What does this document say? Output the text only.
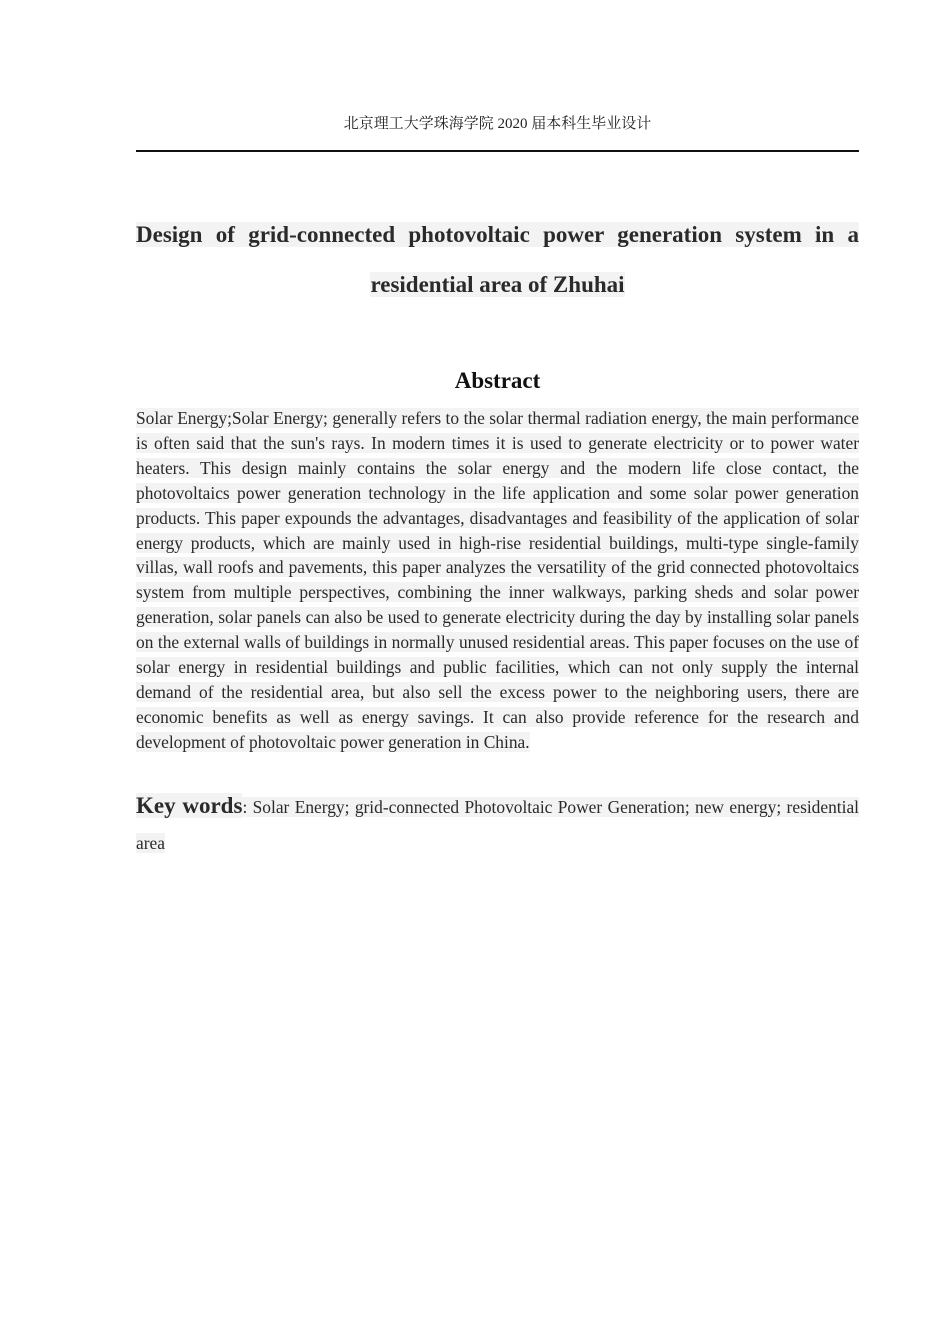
北京理工大学珠海学院 2020 届本科生毕业设计
Design of grid-connected photovoltaic power generation system in a
residential area of Zhuhai
Abstract

Solar Energy;Solar Energy; generally refers to the solar thermal radiation energy, the main performance is often said that the sun's rays. In modern times it is used to generate electricity or to power water heaters. This design mainly contains the solar energy and the modern life close contact, the photovoltaics power generation technology in the life application and some solar power generation products. This paper expounds the advantages, disadvantages and feasibility of the application of solar energy products, which are mainly used in high-rise residential buildings, multi-type single-family villas, wall roofs and pavements, this paper analyzes the versatility of the grid connected photovoltaics system from multiple perspectives, combining the inner walkways, parking sheds and solar power generation, solar panels can also be used to generate electricity during the day by installing solar panels on the external walls of buildings in normally unused residential areas. This paper focuses on the use of solar energy in residential buildings and public facilities, which can not only supply the internal demand of the residential area, but also sell the excess power to the neighboring users, there are economic benefits as well as energy savings. It can also provide reference for the research and development of photovoltaic power generation in China.

Key words: Solar Energy; grid-connected Photovoltaic Power Generation; new energy; residential area
